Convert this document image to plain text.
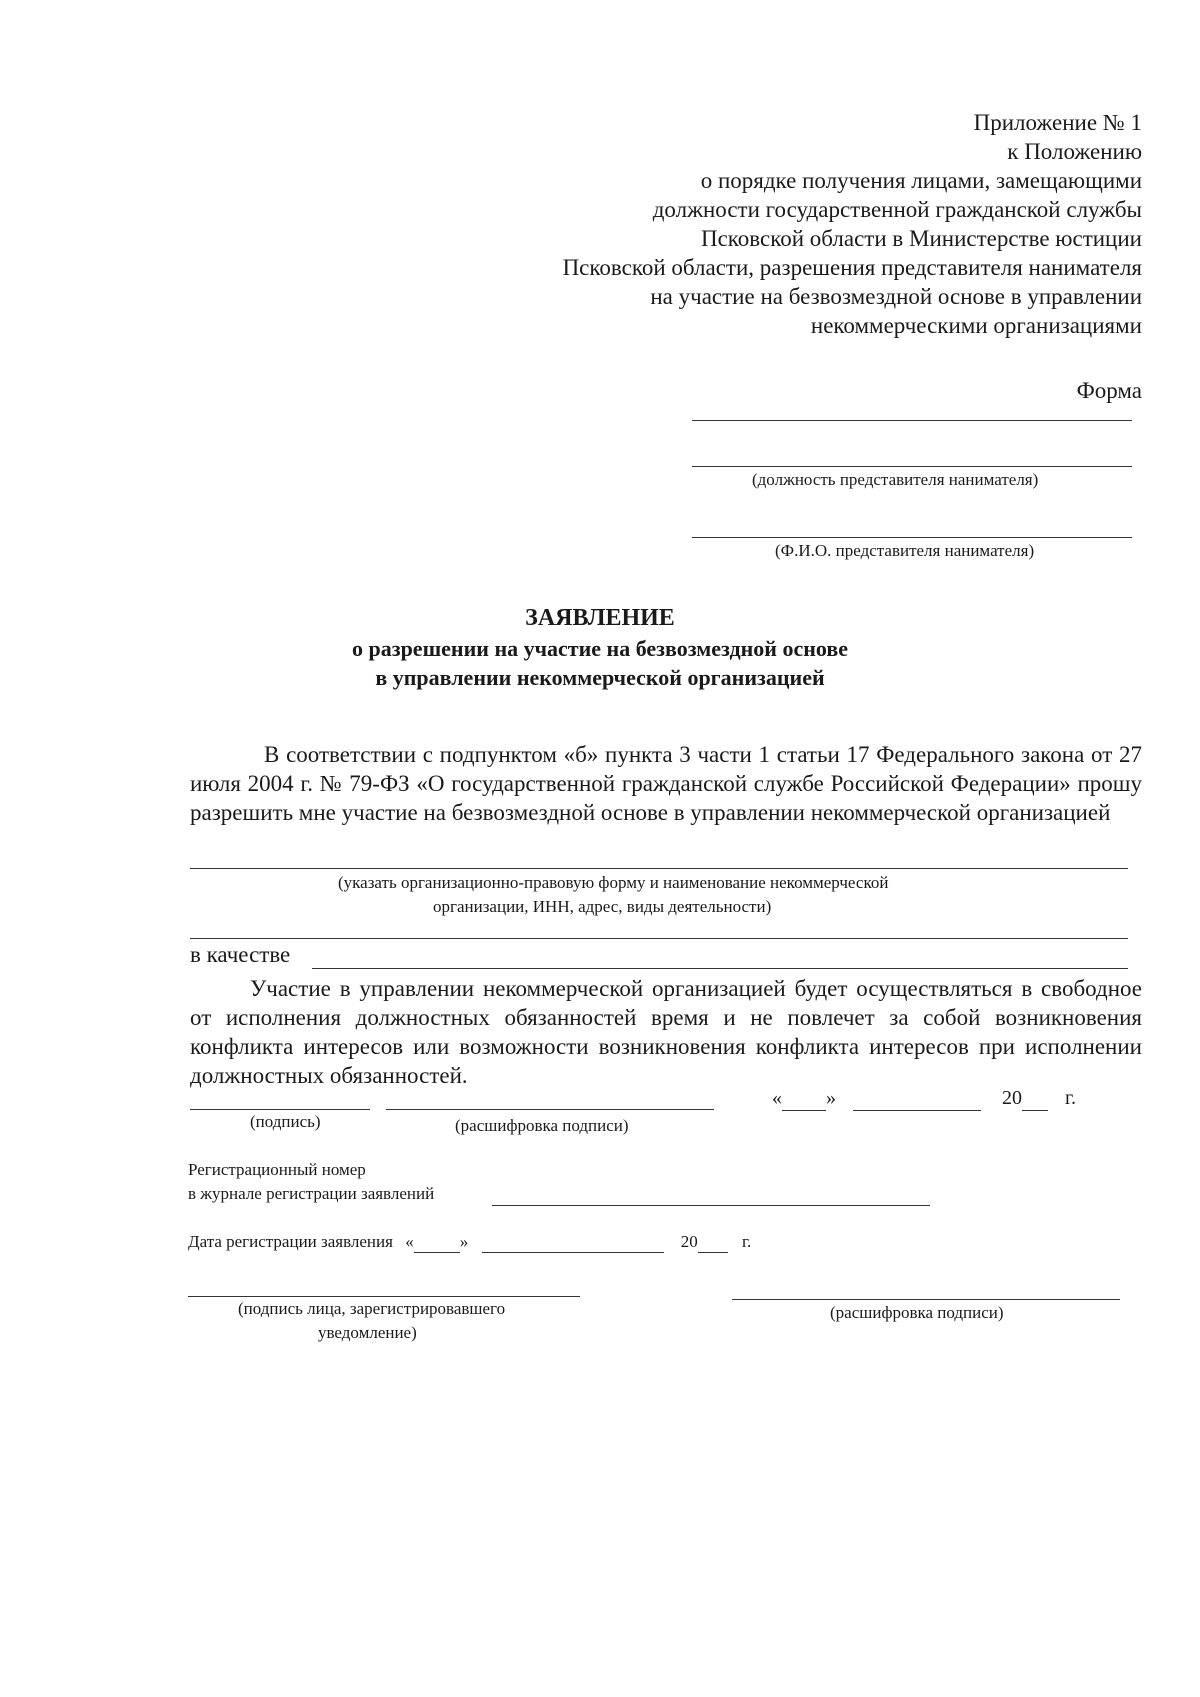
Приложение № 1
к Положению
о порядке получения лицами, замещающими
должности государственной гражданской службы
Псковской области в Министерстве юстиции
Псковской области, разрешения представителя нанимателя
на участие на безвозмездной основе в управлении
некоммерческими организациями
Форма
(должность представителя нанимателя)
(Ф.И.О. представителя нанимателя)
ЗАЯВЛЕНИЕ
о разрешении на участие на безвозмездной основе
в управлении некоммерческой организацией
В соответствии с подпунктом «б» пункта 3 части 1 статьи 17 Федерального закона от 27 июля 2004 г. № 79-ФЗ «О государственной гражданской службе Российской Федерации» прошу разрешить мне участие на безвозмездной основе в управлении некоммерческой организацией
(указать организационно-правовую форму и наименование некоммерческой
организации, ИНН, адрес, виды деятельности)
в качестве
Участие в управлении некоммерческой организацией будет осуществляться в свободное от исполнения должностных обязанностей время и не повлечет за собой возникновения конфликта интересов или возможности возникновения конфликта интересов при исполнении должностных обязанностей.
« »	20 г.
(подпись)	(расшифровка подписи)
Регистрационный номер
в журнале регистрации заявлений
Дата регистрации заявления «	»	20	г.
(подпись лица, зарегистрировавшего
уведомление)
(расшифровка подписи)
